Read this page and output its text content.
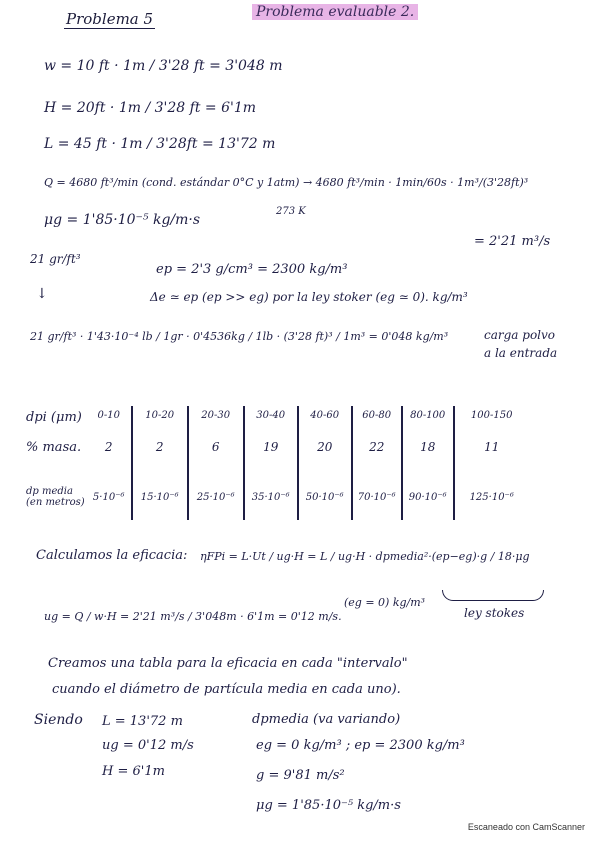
Problema 5	Problema evaluable 2.
w = 10 ft · 1m / 3'28 ft = 3'048 m
H = 20ft · 1m / 3'28 ft = 6'1m
L = 45 ft · 1m / 3'28ft = 13'72 m
Q = 4680 ft³/min (cond. estándar 0°C y 1atm) → 4680 ft³/min · 1min/60s · 1m³/(3'28ft)³
273 K
= 2'21 m³/s
μg = 1'85·10⁻⁵ kg/m·s
21 gr/ft³
↓
ep = 2'3 g/cm³ = 2300 kg/m³
Δe ≃ ep (ep >> eg) por la ley stoker (eg ≃ 0). kg/m³
21 gr/ft³ · 1'43·10⁻⁴ lb / 1gr · 0'4536kg / 1lb · (3'28 ft)³ / 1m³ = 0'048 kg/m³	carga polvo
a la entrada
dpi (μm)	0-10	10-20	20-30	30-40	40-60	60-80	80-100	100-150
% masa.	2	2	6	19	20	22	18	11
dp media
(en metros)	5·10⁻⁶	15·10⁻⁶	25·10⁻⁶	35·10⁻⁶	50·10⁻⁶	70·10⁻⁶	90·10⁻⁶	125·10⁻⁶
Calculamos la eficacia: ηFPi = L·Ut / ug·H = L / ug·H · dpmedia²·(ep−eg)·g / 18·μg
ug = Q / w·H = 2'21 m³/s / 3'048m · 6'1m = 0'12 m/s.
(eg = 0) kg/m³
ley stokes
Creamos una tabla para la eficacia en cada "intervalo"
cuando el diámetro de partícula media en cada uno).
Siendo L = 13'72 m
ug = 0'12 m/s
H = 6'1m
dpmedia (va variando)
eg = 0 kg/m³ ; ep = 2300 kg/m³
g = 9'81 m/s²
μg = 1'85·10⁻⁵ kg/m·s
Escaneado con CamScanner
